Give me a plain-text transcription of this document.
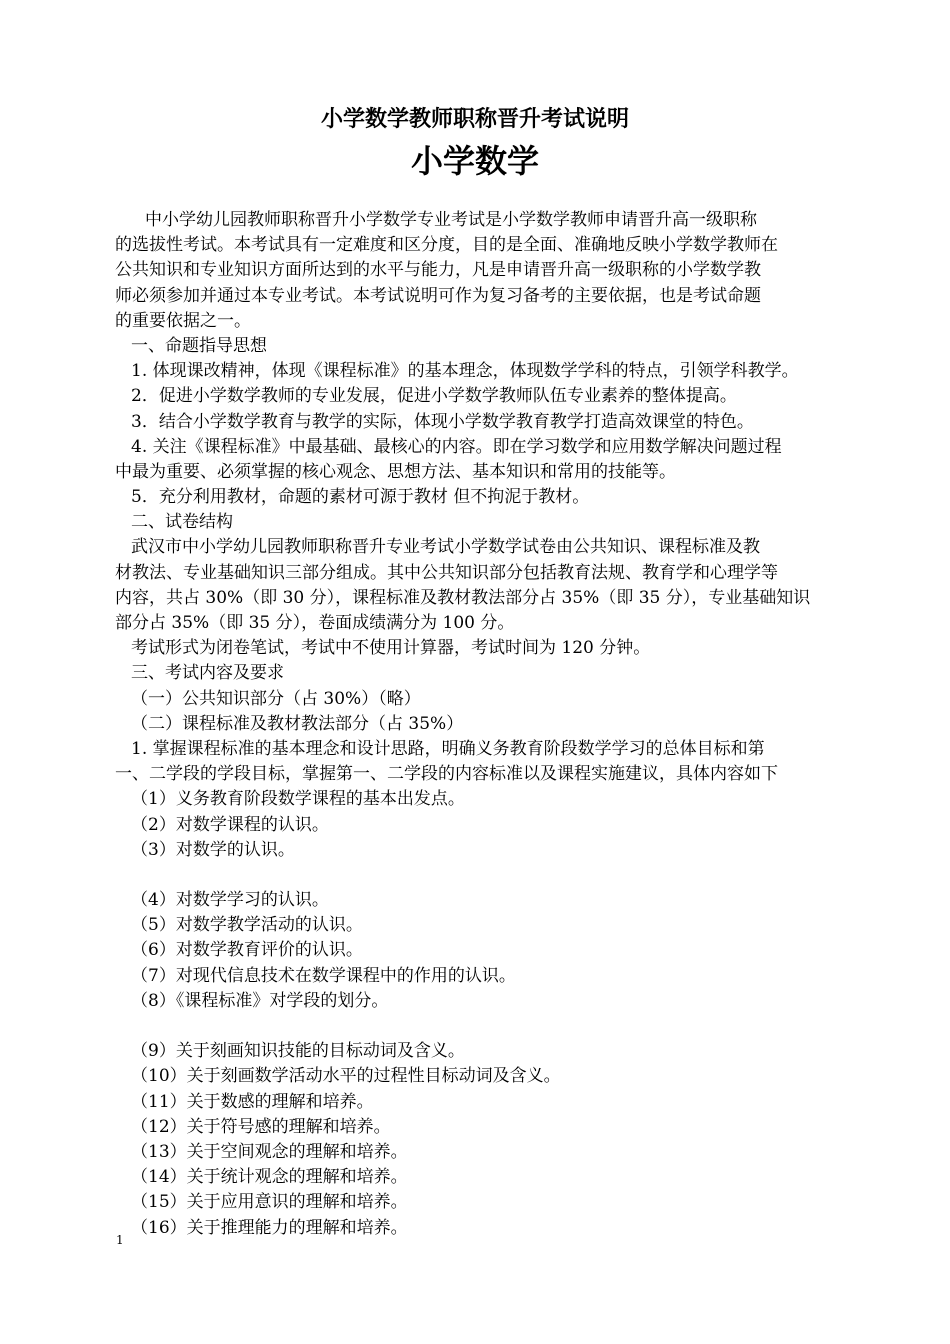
小学数学教师职称晋升考试说明
小学数学
中小学幼儿园教师职称晋升小学数学专业考试是小学数学教师申请晋升高一级职称
的选拔性考试。本考试具有一定难度和区分度，目的是全面、准确地反映小学数学教师在
公共知识和专业知识方面所达到的水平与能力，凡是申请晋升高一级职称的小学数学教
师必须参加并通过本专业考试。本考试说明可作为复习备考的主要依据，也是考试命题
的重要依据之一。
一、命题指导思想
1. 体现课改精神，体现《课程标准》的基本理念，体现数学学科的特点，引领学科教学。
2．促进小学数学教师的专业发展，促进小学数学教师队伍专业素养的整体提高。
3．结合小学数学教育与教学的实际，体现小学数学教育教学打造高效课堂的特色。
4. 关注《课程标准》中最基础、最核心的内容。即在学习数学和应用数学解决问题过程
中最为重要、必须掌握的核心观念、思想方法、基本知识和常用的技能等。
5．充分利用教材，命题的素材可源于教材 但不拘泥于教材。
二、试卷结构
武汉市中小学幼儿园教师职称晋升专业考试小学数学试卷由公共知识、课程标准及教
材教法、专业基础知识三部分组成。其中公共知识部分包括教育法规、教育学和心理学等
内容，共占 30%（即 30 分），课程标准及教材教法部分占 35%（即 35 分），专业基础知识
部分占 35%（即 35 分），卷面成绩满分为 100 分。
考试形式为闭卷笔试，考试中不使用计算器，考试时间为 120 分钟。
三、考试内容及要求
（一）公共知识部分（占 30%）（略）
（二）课程标准及教材教法部分（占 35%）
1. 掌握课程标准的基本理念和设计思路，明确义务教育阶段数学学习的总体目标和第
一、二学段的学段目标，掌握第一、二学段的内容标准以及课程实施建议，具体内容如下
（1）义务教育阶段数学课程的基本出发点。
（2）对数学课程的认识。
（3）对数学的认识。
（4）对数学学习的认识。
（5）对数学教学活动的认识。
（6）对数学教育评价的认识。
（7）对现代信息技术在数学课程中的作用的认识。
（8）《课程标准》对学段的划分。
（9）关于刻画知识技能的目标动词及含义。
（10）关于刻画数学活动水平的过程性目标动词及含义。
（11）关于数感的理解和培养。
（12）关于符号感的理解和培养。
（13）关于空间观念的理解和培养。
（14）关于统计观念的理解和培养。
（15）关于应用意识的理解和培养。
（16）关于推理能力的理解和培养。
1
